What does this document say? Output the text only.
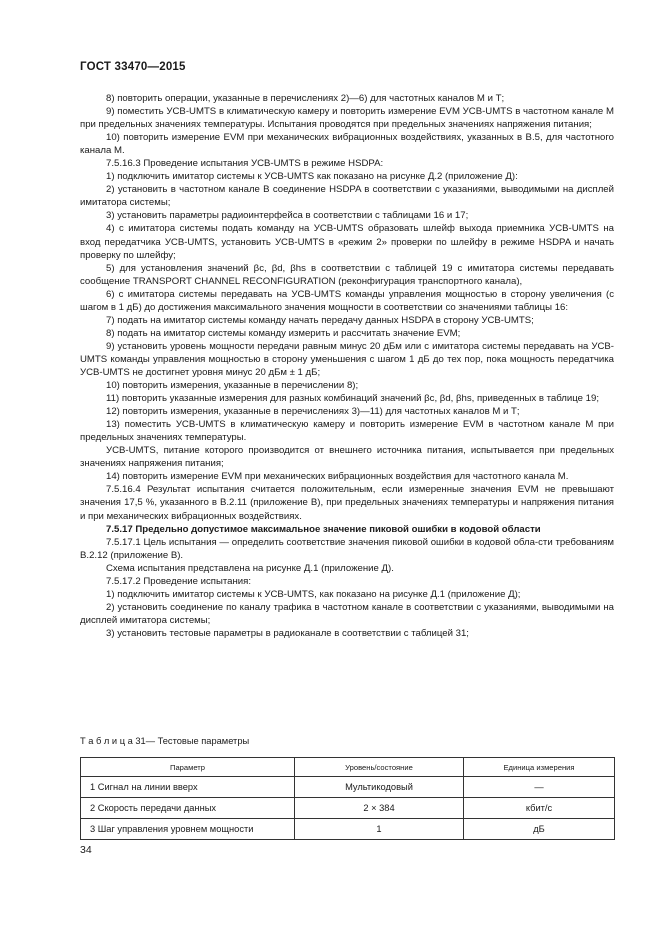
ГОСТ 33470—2015

8) повторить операции, указанные в перечислениях 2)—6) для частотных каналов М и Т;

9) поместить УСВ-UMTS в климатическую камеру и повторить измерение EVM УСВ-UMTS в частотном канале М при предельных значениях температуры. Испытания проводятся при предельных значениях напряжения питания;

10) повторить измерение EVM при механических вибрационных воздействиях, указанных в В.5, для частотного канала М.

7.5.16.3 Проведение испытания УСВ-UMTS в режиме HSDPA:

1) подключить имитатор системы к УСВ-UMTS как показано на рисунке Д.2 (приложение Д):

2) установить в частотном канале В соединение HSDPA в соответствии с указаниями, выводимыми на дисплей имитатора системы;

3) установить параметры радиоинтерфейса в соответствии с таблицами 16 и 17;

4) с имитатора системы подать команду на УСВ-UMTS образовать шлейф выхода приемника УСВ-UMTS на вход передатчика УСВ-UMTS, установить УСВ-UMTS в «режим 2» проверки по шлейфу в режиме HSDPA и начать проверку по шлейфу;

5) для установления значений βc, βd, βhs в соответствии с таблицей 19 с имитатора системы передавать сообщение TRANSPORT CHANNEL RECONFIGURATION (реконфигурация транспортного канала),

6) с имитатора системы передавать на УСВ-UMTS команды управления мощностью в сторону увеличения (с шагом в 1 дБ) до достижения максимального значения мощности в соответствии со значениями таблицы 16:

7) подать на имитатор системы команду начать передачу данных HSDPA в сторону УСВ-UMTS;

8) подать на имитатор системы команду измерить и рассчитать значение EVM;

9) установить уровень мощности передачи равным минус 20 дБм или с имитатора системы передавать на УСВ-UMTS команды управления мощностью в сторону уменьшения с шагом 1 дБ до тех пор, пока мощность передатчика УСВ-UMTS не достигнет уровня минус 20 дБм ± 1 дБ;

10) повторить измерения, указанные в перечислении 8);

11) повторить указанные измерения для разных комбинаций значений βc, βd, βhs, приведенных в таблице 19;

12) повторить измерения, указанные в перечислениях 3)—11) для частотных каналов М и Т;

13) поместить УСВ-UMTS в климатическую камеру и повторить измерение EVM в частотном канале М при предельных значениях температуры.

УСВ-UMTS, питание которого производится от внешнего источника питания, испытывается при предельных значениях напряжения питания;

14) повторить измерение EVM при механических вибрационных воздействия для частотного канала М.

7.5.16.4 Результат испытания считается положительным, если измеренные значения EVM не превышают значения 17,5 %, указанного в В.2.11 (приложение В), при предельных значениях температуры и напряжения питания и при механических вибрационных воздействиях.

7.5.17 Предельно допустимое максимальное значение пиковой ошибки в кодовой области

7.5.17.1 Цель испытания — определить соответствие значения пиковой ошибки в кодовой обла-сти требованиям В.2.12 (приложение В).

Схема испытания представлена на рисунке Д.1 (приложение Д).

7.5.17.2 Проведение испытания:

1) подключить имитатор системы к УСВ-UMTS, как показано на рисунке Д.1 (приложение Д);

2) установить соединение по каналу трафика в частотном канале в соответствии с указаниями, выводимыми на дисплей имитатора системы;

3) установить тестовые параметры в радиоканале в соответствии с таблицей 31;

Т а б л и ц а 31— Тестовые параметры
Параметр	Уровень/состояние	Единица измерения
1 Сигнал на линии вверх	Мультикодовый	—
2 Скорость передачи данных	2 × 384	кбит/с
3 Шаг управления уровнем мощности	1	дБ
34
